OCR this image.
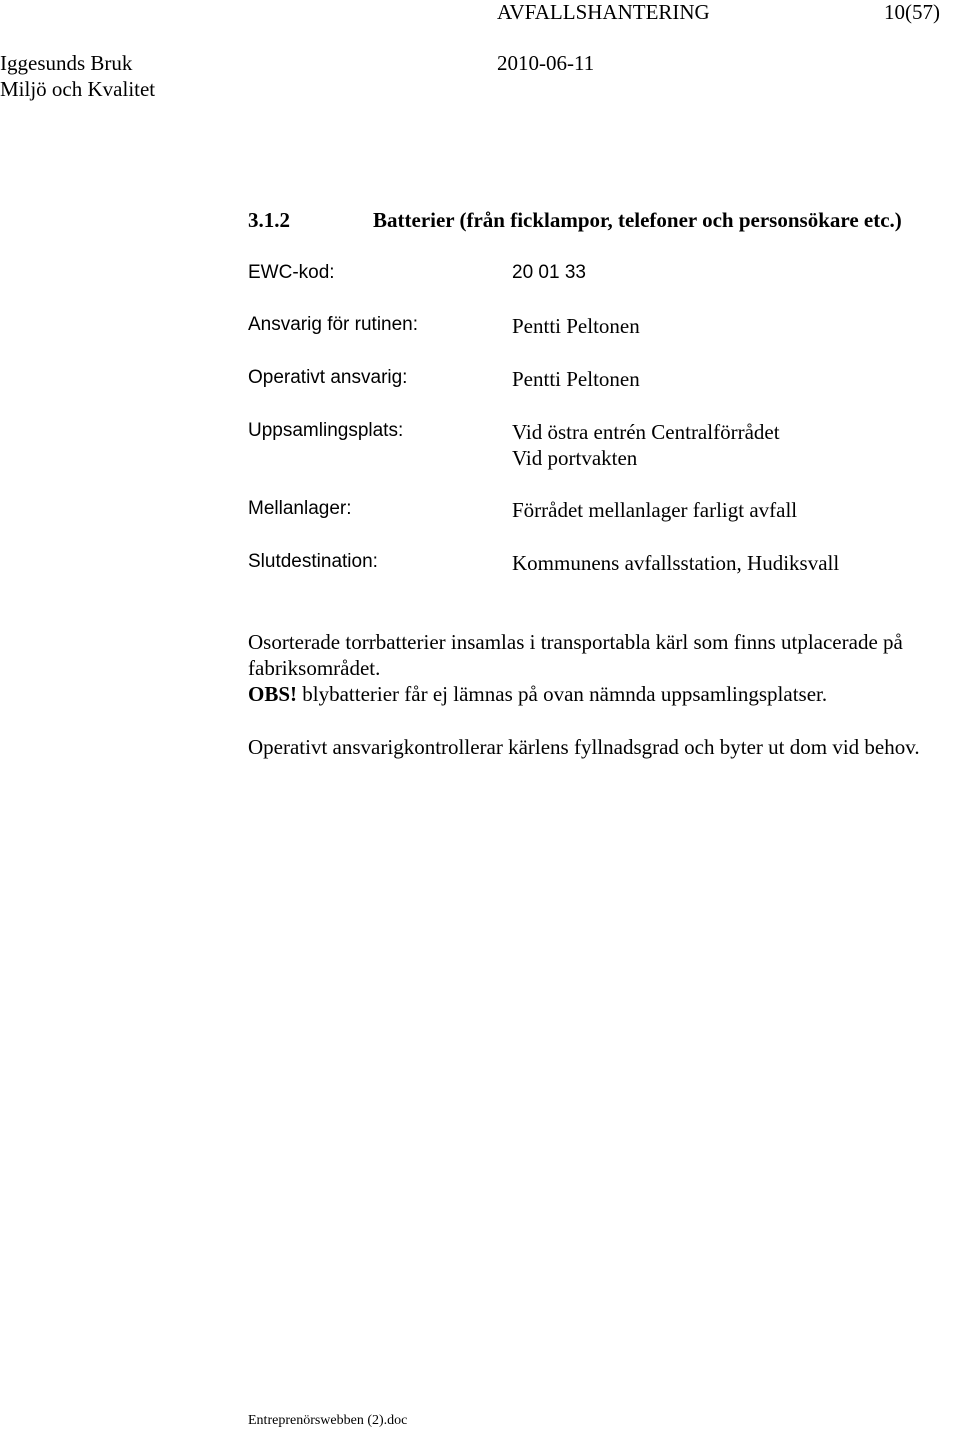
AVFALLSHANTERING	10(57)
Iggesunds Bruk	2010-06-11
Miljö och Kvalitet
3.1.2	Batterier (från ficklampor, telefoner och personsökare etc.)
EWC-kod:	20 01 33
Ansvarig för rutinen:	Pentti Peltonen
Operativt ansvarig:	Pentti Peltonen
Uppsamlingsplats:	Vid östra entrén Centralförrådet
Vid portvakten
Mellanlager:	Förrådet mellanlager farligt avfall
Slutdestination:	Kommunens avfallsstation, Hudiksvall
Osorterade torrbatterier insamlas i transportabla kärl som finns utplacerade på fabriksområdet.
OBS! blybatterier får ej lämnas på ovan nämnda uppsamlingsplatser.
Operativt ansvarigkontrollerar kärlens fyllnadsgrad och byter ut dom vid behov.
Entreprenörswebben (2).doc
